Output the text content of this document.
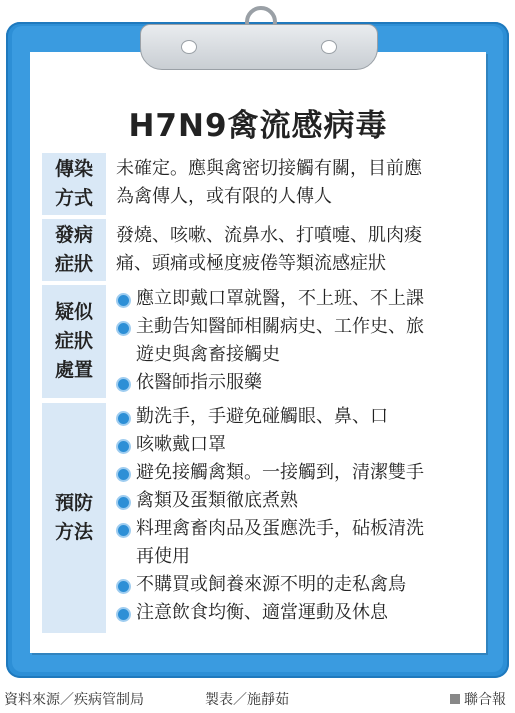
H7N9禽流感病毒
傳染
方式
未確定。應與禽密切接觸有關，目前應
為禽傳人，或有限的人傳人
發病
症狀
發燒、咳嗽、流鼻水、打噴嚏、肌肉痠
痛、頭痛或極度疲倦等類流感症狀
疑似
症狀
處置
應立即戴口罩就醫，不上班、不上課
主動告知醫師相關病史、工作史、旅
遊史與禽畜接觸史
依醫師指示服藥
預防
方法
勤洗手，手避免碰觸眼、鼻、口
咳嗽戴口罩
避免接觸禽類。一接觸到，清潔雙手
禽類及蛋類徹底煮熟
料理禽畜肉品及蛋應洗手，砧板清洗
再使用
不購買或飼養來源不明的走私禽鳥
注意飲食均衡、適當運動及休息
資料來源／疾病管制局	製表／施靜茹	聯合報
